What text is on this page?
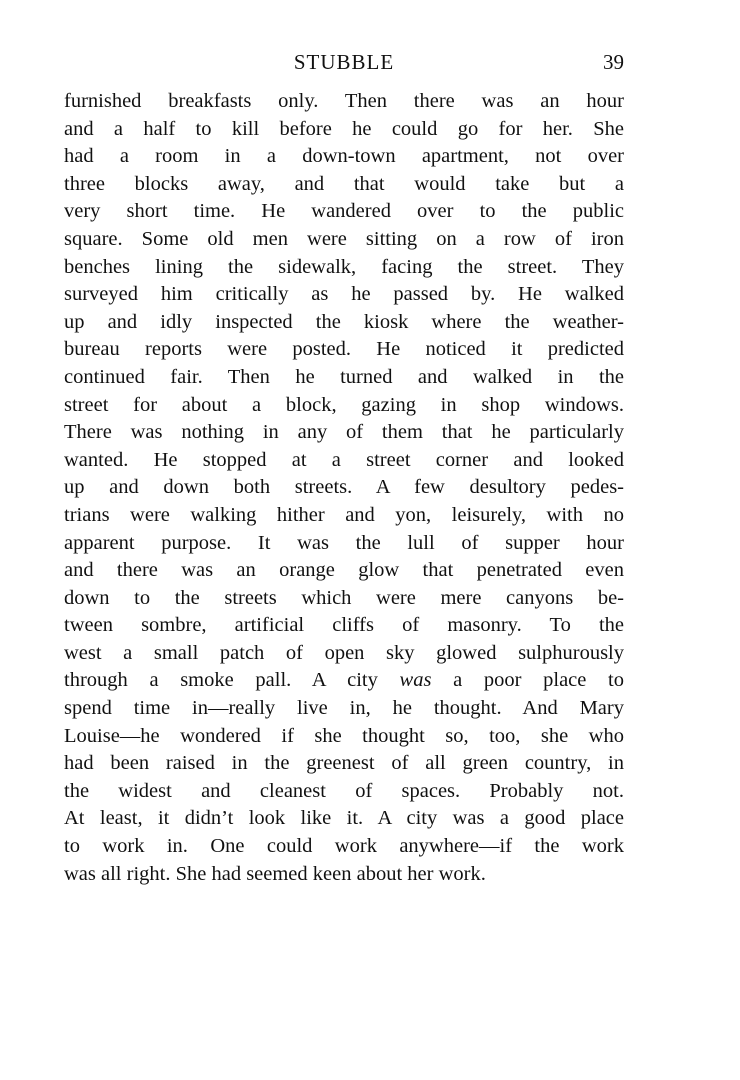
STUBBLE	39
furnished breakfasts only. Then there was an hour
and a half to kill before he could go for her. She
had a room in a down-town apartment, not over
three blocks away, and that would take but a
very short time. He wandered over to the public
square. Some old men were sitting on a row of iron
benches lining the sidewalk, facing the street. They
surveyed him critically as he passed by. He walked
up and idly inspected the kiosk where the weather-
bureau reports were posted. He noticed it predicted
continued fair. Then he turned and walked in the
street for about a block, gazing in shop windows.
There was nothing in any of them that he particularly
wanted. He stopped at a street corner and looked
up and down both streets. A few desultory pedes-
trians were walking hither and yon, leisurely, with no
apparent purpose. It was the lull of supper hour
and there was an orange glow that penetrated even
down to the streets which were mere canyons be-
tween sombre, artificial cliffs of masonry. To the
west a small patch of open sky glowed sulphurously
through a smoke pall. A city was a poor place to
spend time in—really live in, he thought. And Mary
Louise—he wondered if she thought so, too, she who
had been raised in the greenest of all green country, in
the widest and cleanest of spaces. Probably not.
At least, it didn’t look like it. A city was a good place
to work in. One could work anywhere—if the work
was all right. She had seemed keen about her work.
